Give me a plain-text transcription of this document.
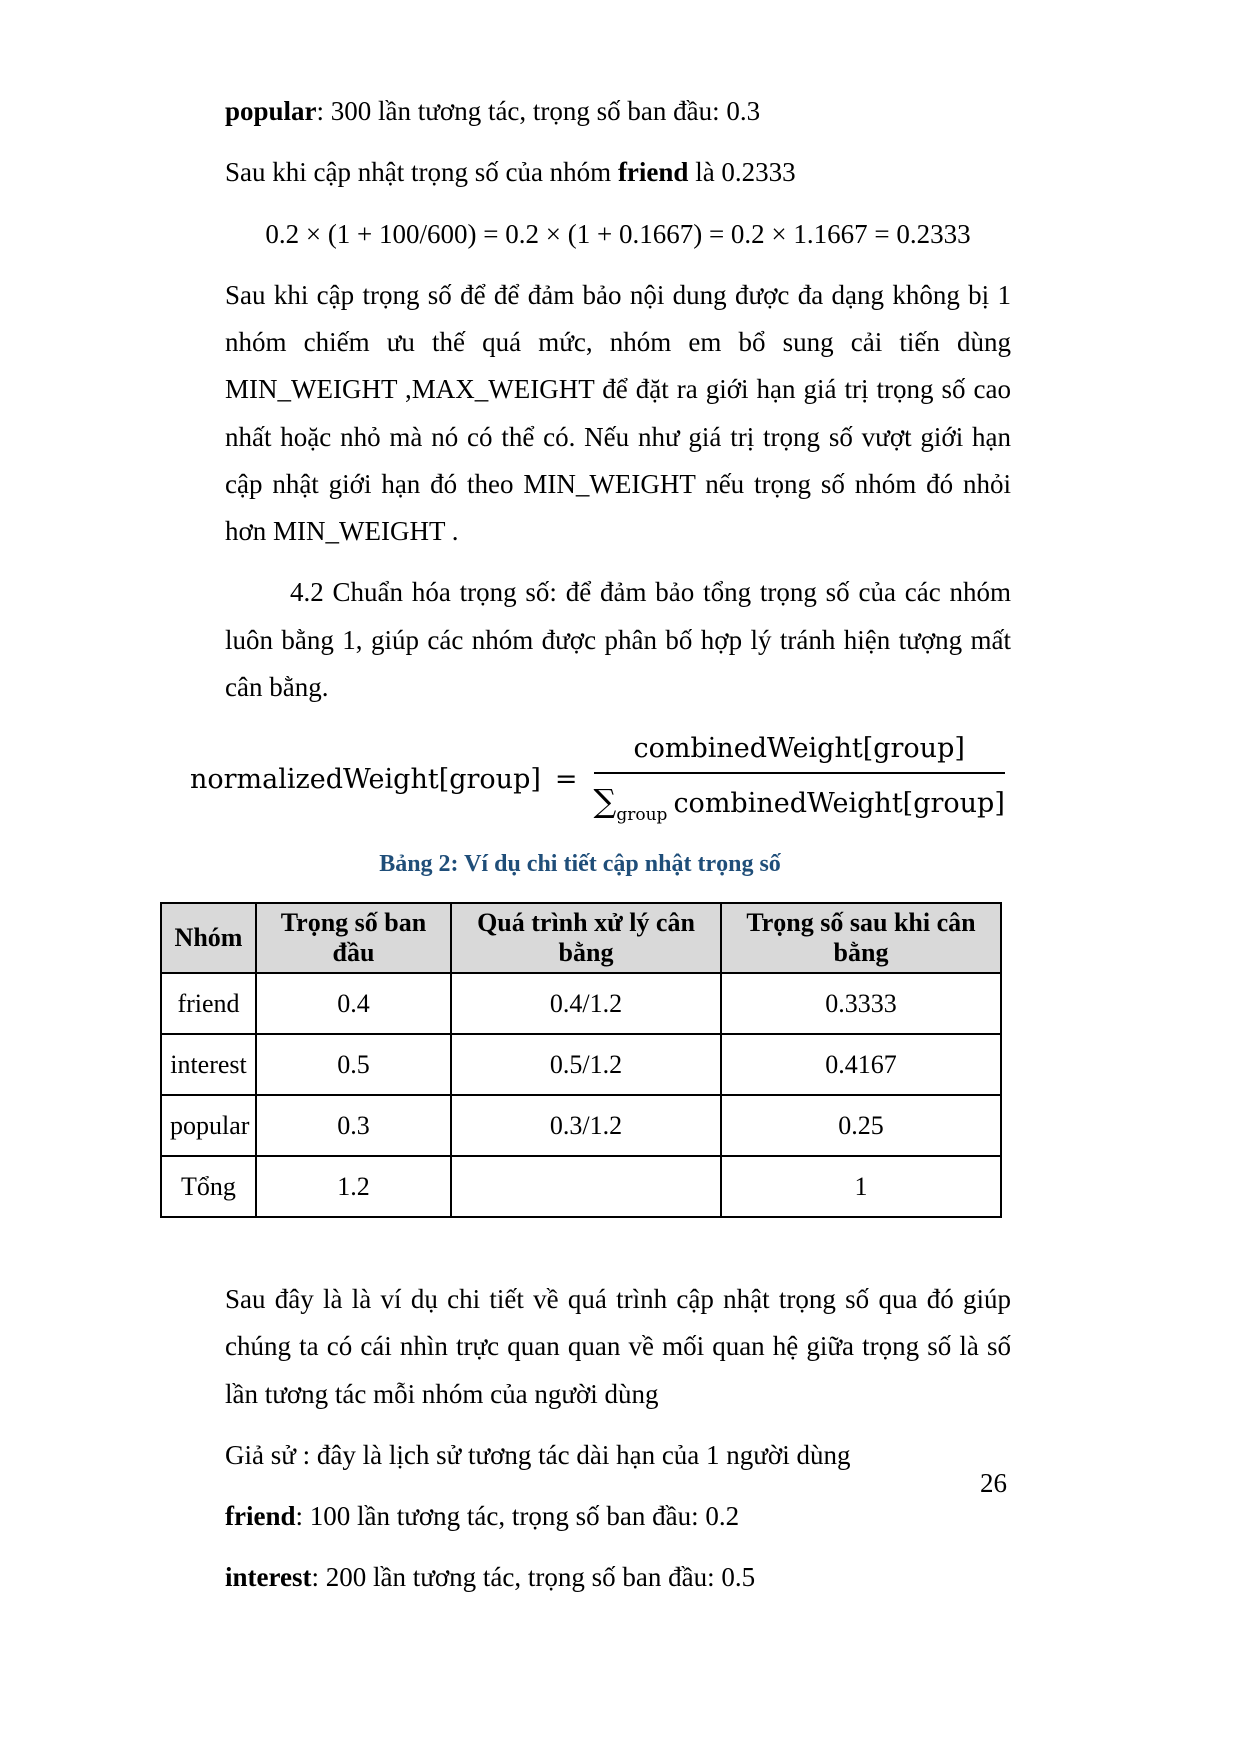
popular: 300 lần tương tác, trọng số ban đầu: 0.3

Sau khi cập nhật trọng số của nhóm friend là 0.2333

0.2 × (1 + 100/600) = 0.2 × (1 + 0.1667) = 0.2 × 1.1667 = 0.2333

Sau khi cập trọng số để để đảm bảo nội dung được đa dạng không bị 1 nhóm chiếm ưu thế quá mức, nhóm em bổ sung cải tiến dùng MIN_WEIGHT ,MAX_WEIGHT để đặt ra giới hạn giá trị trọng số cao nhất hoặc nhỏ mà nó có thể có. Nếu như giá trị trọng số vượt giới hạn cập nhật giới hạn đó theo MIN_WEIGHT nếu trọng số nhóm đó nhỏi hơn MIN_WEIGHT .

4.2 Chuẩn hóa trọng số: để đảm bảo tổng trọng số của các nhóm luôn bằng 1, giúp các nhóm được phân bố hợp lý tránh hiện tượng mất cân bằng.

normalizedWeight[group] = $\frac{\text{combinedWeight[group]}}{\sum_{group} combinedWeight[group]}$
Bảng 2: Ví dụ chi tiết cập nhật trọng số
Nhóm	Trọng số ban đầu	Quá trình xử lý cân bằng	Trọng số sau khi cân bằng
friend	0.4	0.4/1.2	0.3333
interest	0.5	0.5/1.2	0.4167
popular	0.3	0.3/1.2	0.25
Tổng	1.2		1

Sau đây là là ví dụ chi tiết về quá trình cập nhật trọng số qua đó giúp chúng ta có cái nhìn trực quan quan về mối quan hệ giữa trọng số là số lần tương tác mỗi nhóm của người dùng

Giả sử : đây là lịch sử tương tác dài hạn của 1 người dùng

friend: 100 lần tương tác, trọng số ban đầu: 0.2

interest: 200 lần tương tác, trọng số ban đầu: 0.5

26
